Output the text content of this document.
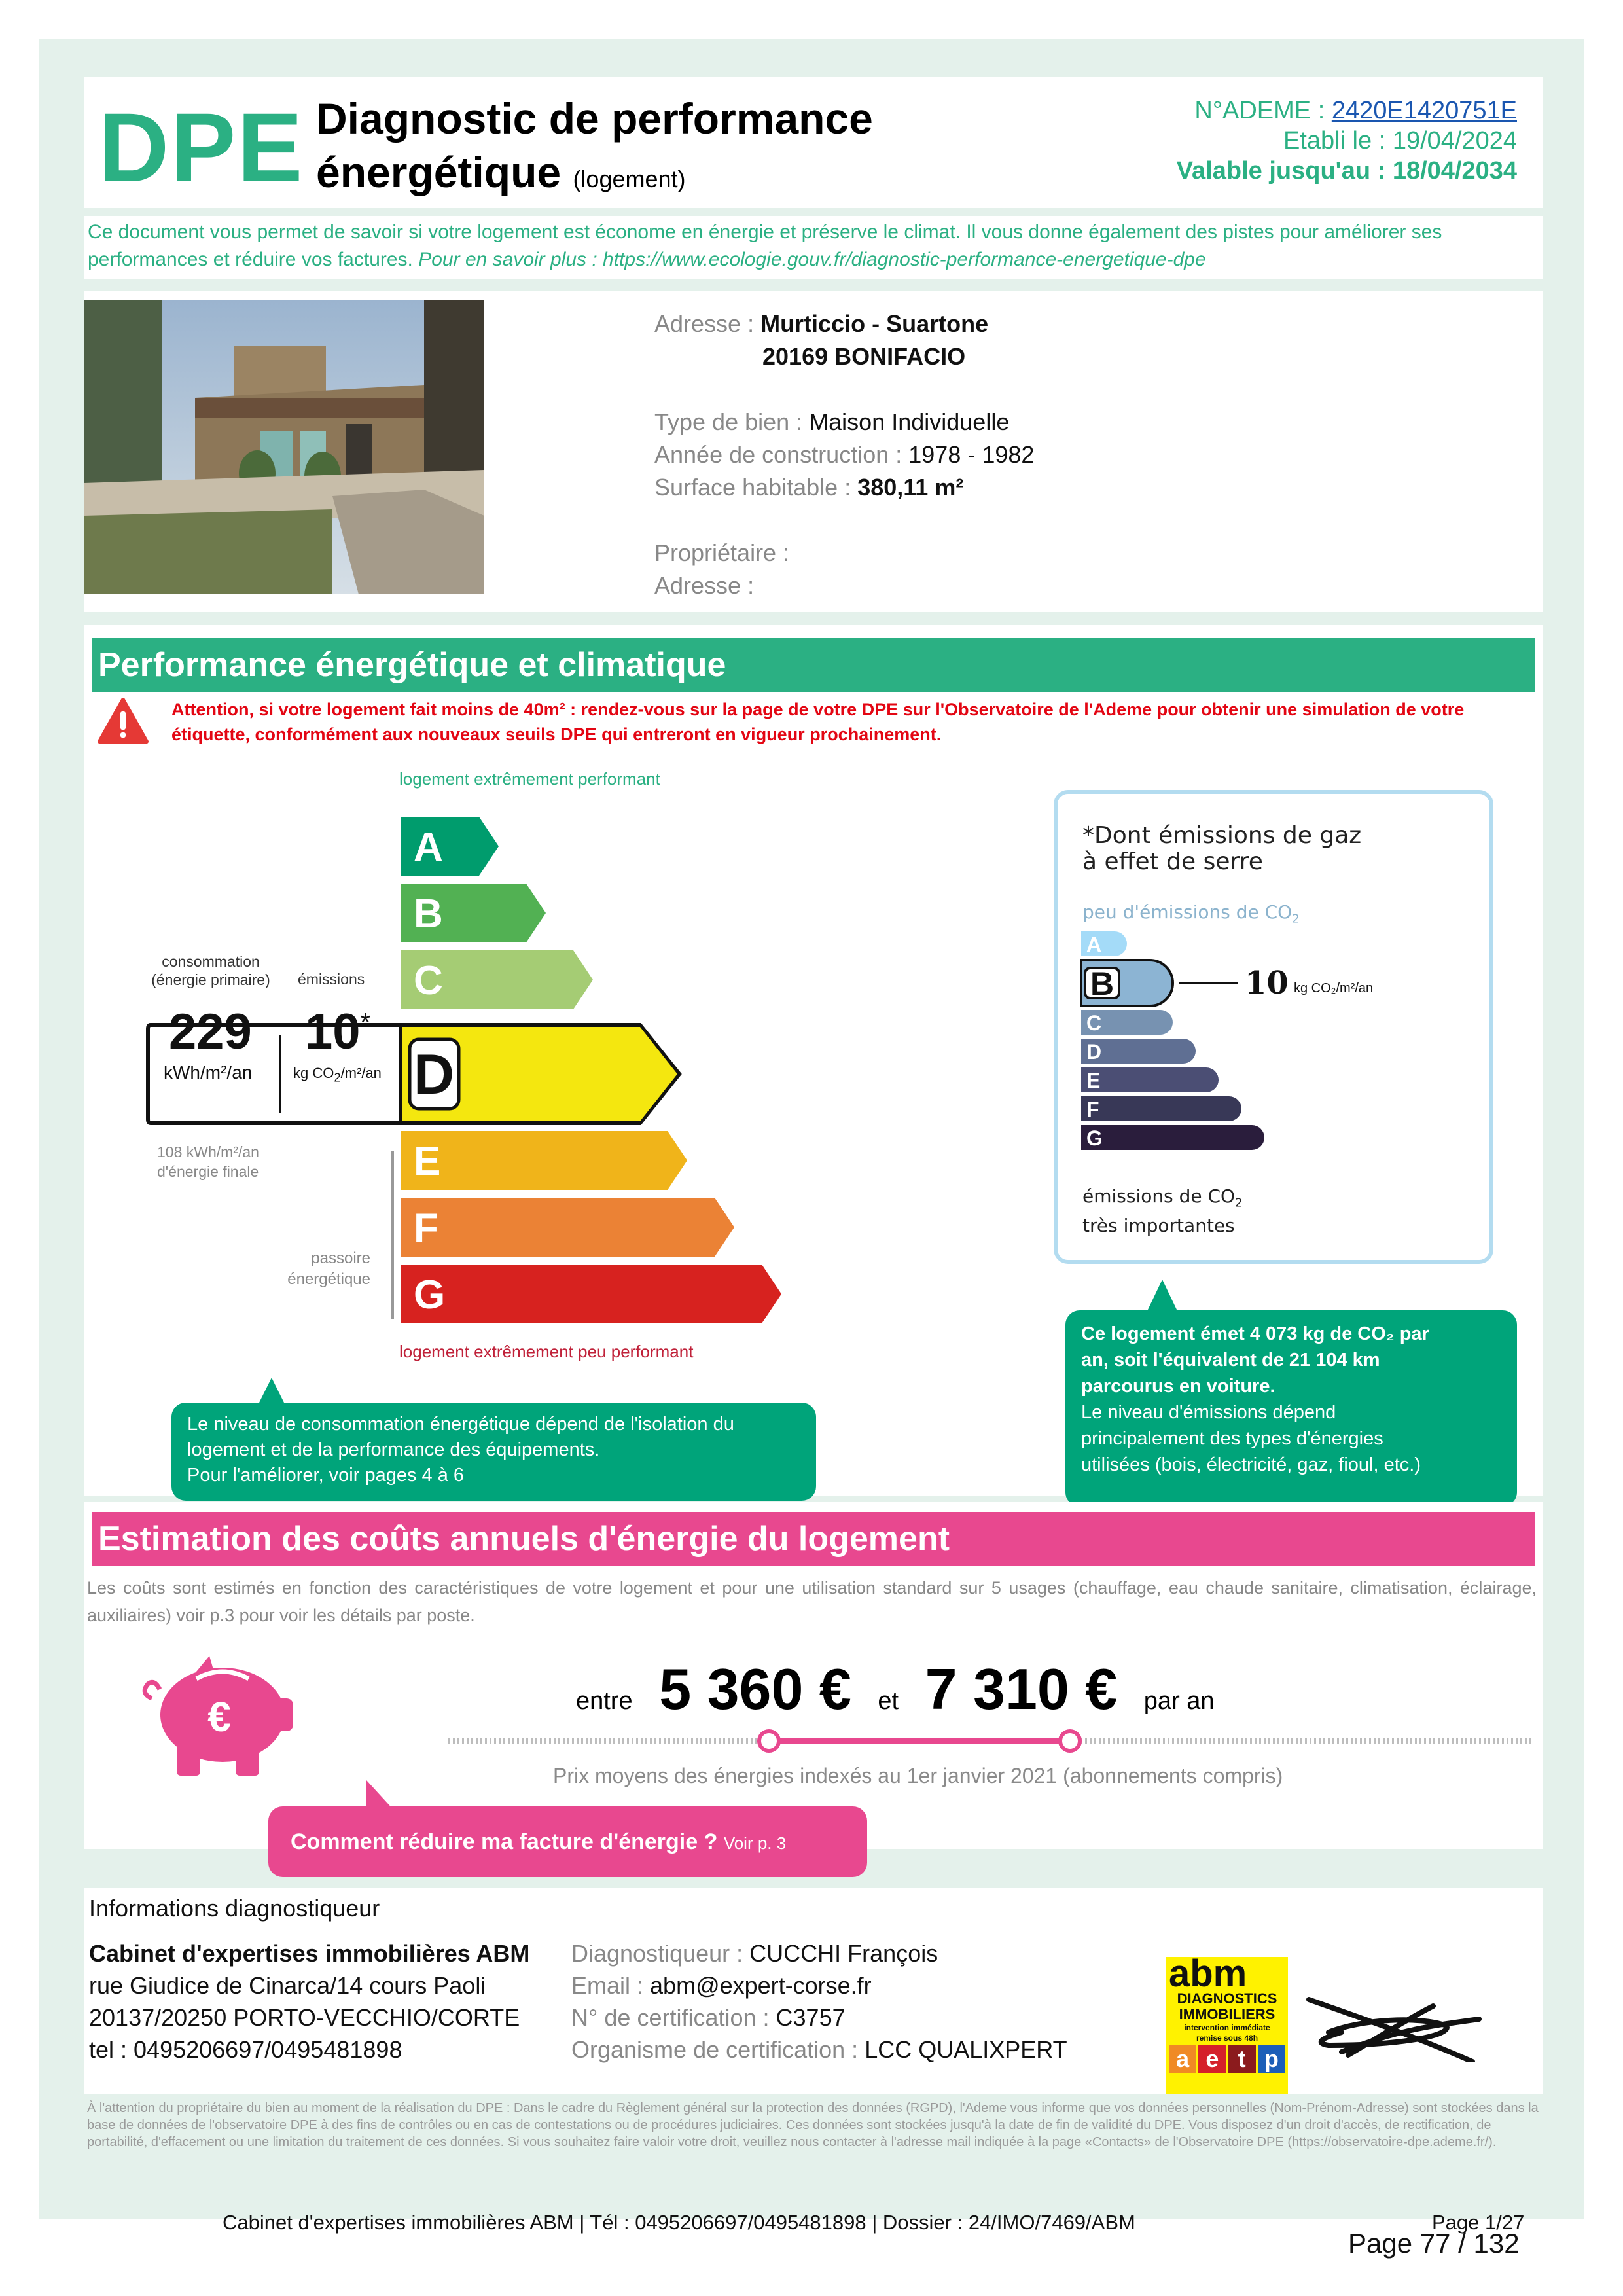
DPE Diagnostic de performance
énergétique (logement)
N°ADEME : 2420E1420751E
Etabli le : 19/04/2024
Valable jusqu'au : 18/04/2034
Ce document vous permet de savoir si votre logement est économe en énergie et préserve le climat. Il vous donne également des pistes pour améliorer ses performances et réduire vos factures. Pour en savoir plus : https://www.ecologie.gouv.fr/diagnostic-performance-energetique-dpe
Adresse : Murticcio - Suartone
20169 BONIFACIO
Type de bien : Maison Individuelle
Année de construction : 1978 - 1982
Surface habitable : 380,11 m²
Propriétaire :
Adresse :
Performance énergétique et climatique
Attention, si votre logement fait moins de 40m² : rendez-vous sur la page de votre DPE sur l'Observatoire de l'Ademe pour obtenir une simulation de votre étiquette, conformément aux nouveaux seuils DPE qui entreront en vigueur prochainement.
logement extrêmement performant
A
B
C
D
E
F
G
consommation
(énergie primaire)	émissions
229
kWh/m²/an
10*
kg $CO_2/m^2/an$
108 kWh/m²/an
d'énergie finale
passoire
énergétique
logement extrêmement peu performant
Le niveau de consommation énergétique dépend de l'isolation du
logement et de la performance des équipements.
Pour l'améliorer, voir pages 4 à 6
*Dont émissions de gaz
à effet de serre
peu d'émissions de $CO_2$
A
B	10 kg CO₂/m²/an
C
D
E
F
G
émissions de $CO_2$
très importantes
Ce logement émet 4 073 kg de CO₂ par
an, soit l'équivalent de 21 104 km
parcourus en voiture.
Le niveau d'émissions dépend
principalement des types d'énergies
utilisées (bois, électricité, gaz, fioul, etc.)
Estimation des coûts annuels d'énergie du logement
Les coûts sont estimés en fonction des caractéristiques de votre logement et pour une utilisation standard sur 5 usages (chauffage, eau chaude sanitaire, climatisation, éclairage, auxiliaires) voir p.3 pour voir les détails par poste.
€	entre 5 360 € et 7 310 € par an
Prix moyens des énergies indexés au 1er janvier 2021 (abonnements compris)
Comment réduire ma facture d'énergie ? Voir p. 3
Informations diagnostiqueur
Cabinet d'expertises immobilières ABM
rue Giudice de Cinarca/14 cours Paoli
20137/20250 PORTO-VECCHIO/CORTE
tel : 0495206697/0495481898
Diagnostiqueur : CUCCHI François
Email : abm@expert-corse.fr
N° de certification : C3757
Organisme de certification : LCC QUALIXPERT
abm
DIAGNOSTICS
IMMOBILIERS
intervention immédiate
remise sous 48h
a e t p
À l'attention du propriétaire du bien au moment de la réalisation du DPE : Dans le cadre du Règlement général sur la protection des données (RGPD), l'Ademe vous informe que vos données personnelles (Nom-Prénom-Adresse) sont stockées dans la base de données de l'observatoire DPE à des fins de contrôles ou en cas de contestations ou de procédures judiciaires. Ces données sont stockées jusqu'à la date de fin de validité du DPE. Vous disposez d'un droit d'accès, de rectification, de portabilité, d'effacement ou une limitation du traitement de ces données. Si vous souhaitez faire valoir votre droit, veuillez nous contacter à l'adresse mail indiquée à la page «Contacts» de l'Observatoire DPE (https://observatoire-dpe.ademe.fr/).
Cabinet d'expertises immobilières ABM | Tél : 0495206697/0495481898 | Dossier : 24/IMO/7469/ABM	Page 1/27
Page 77 / 132
